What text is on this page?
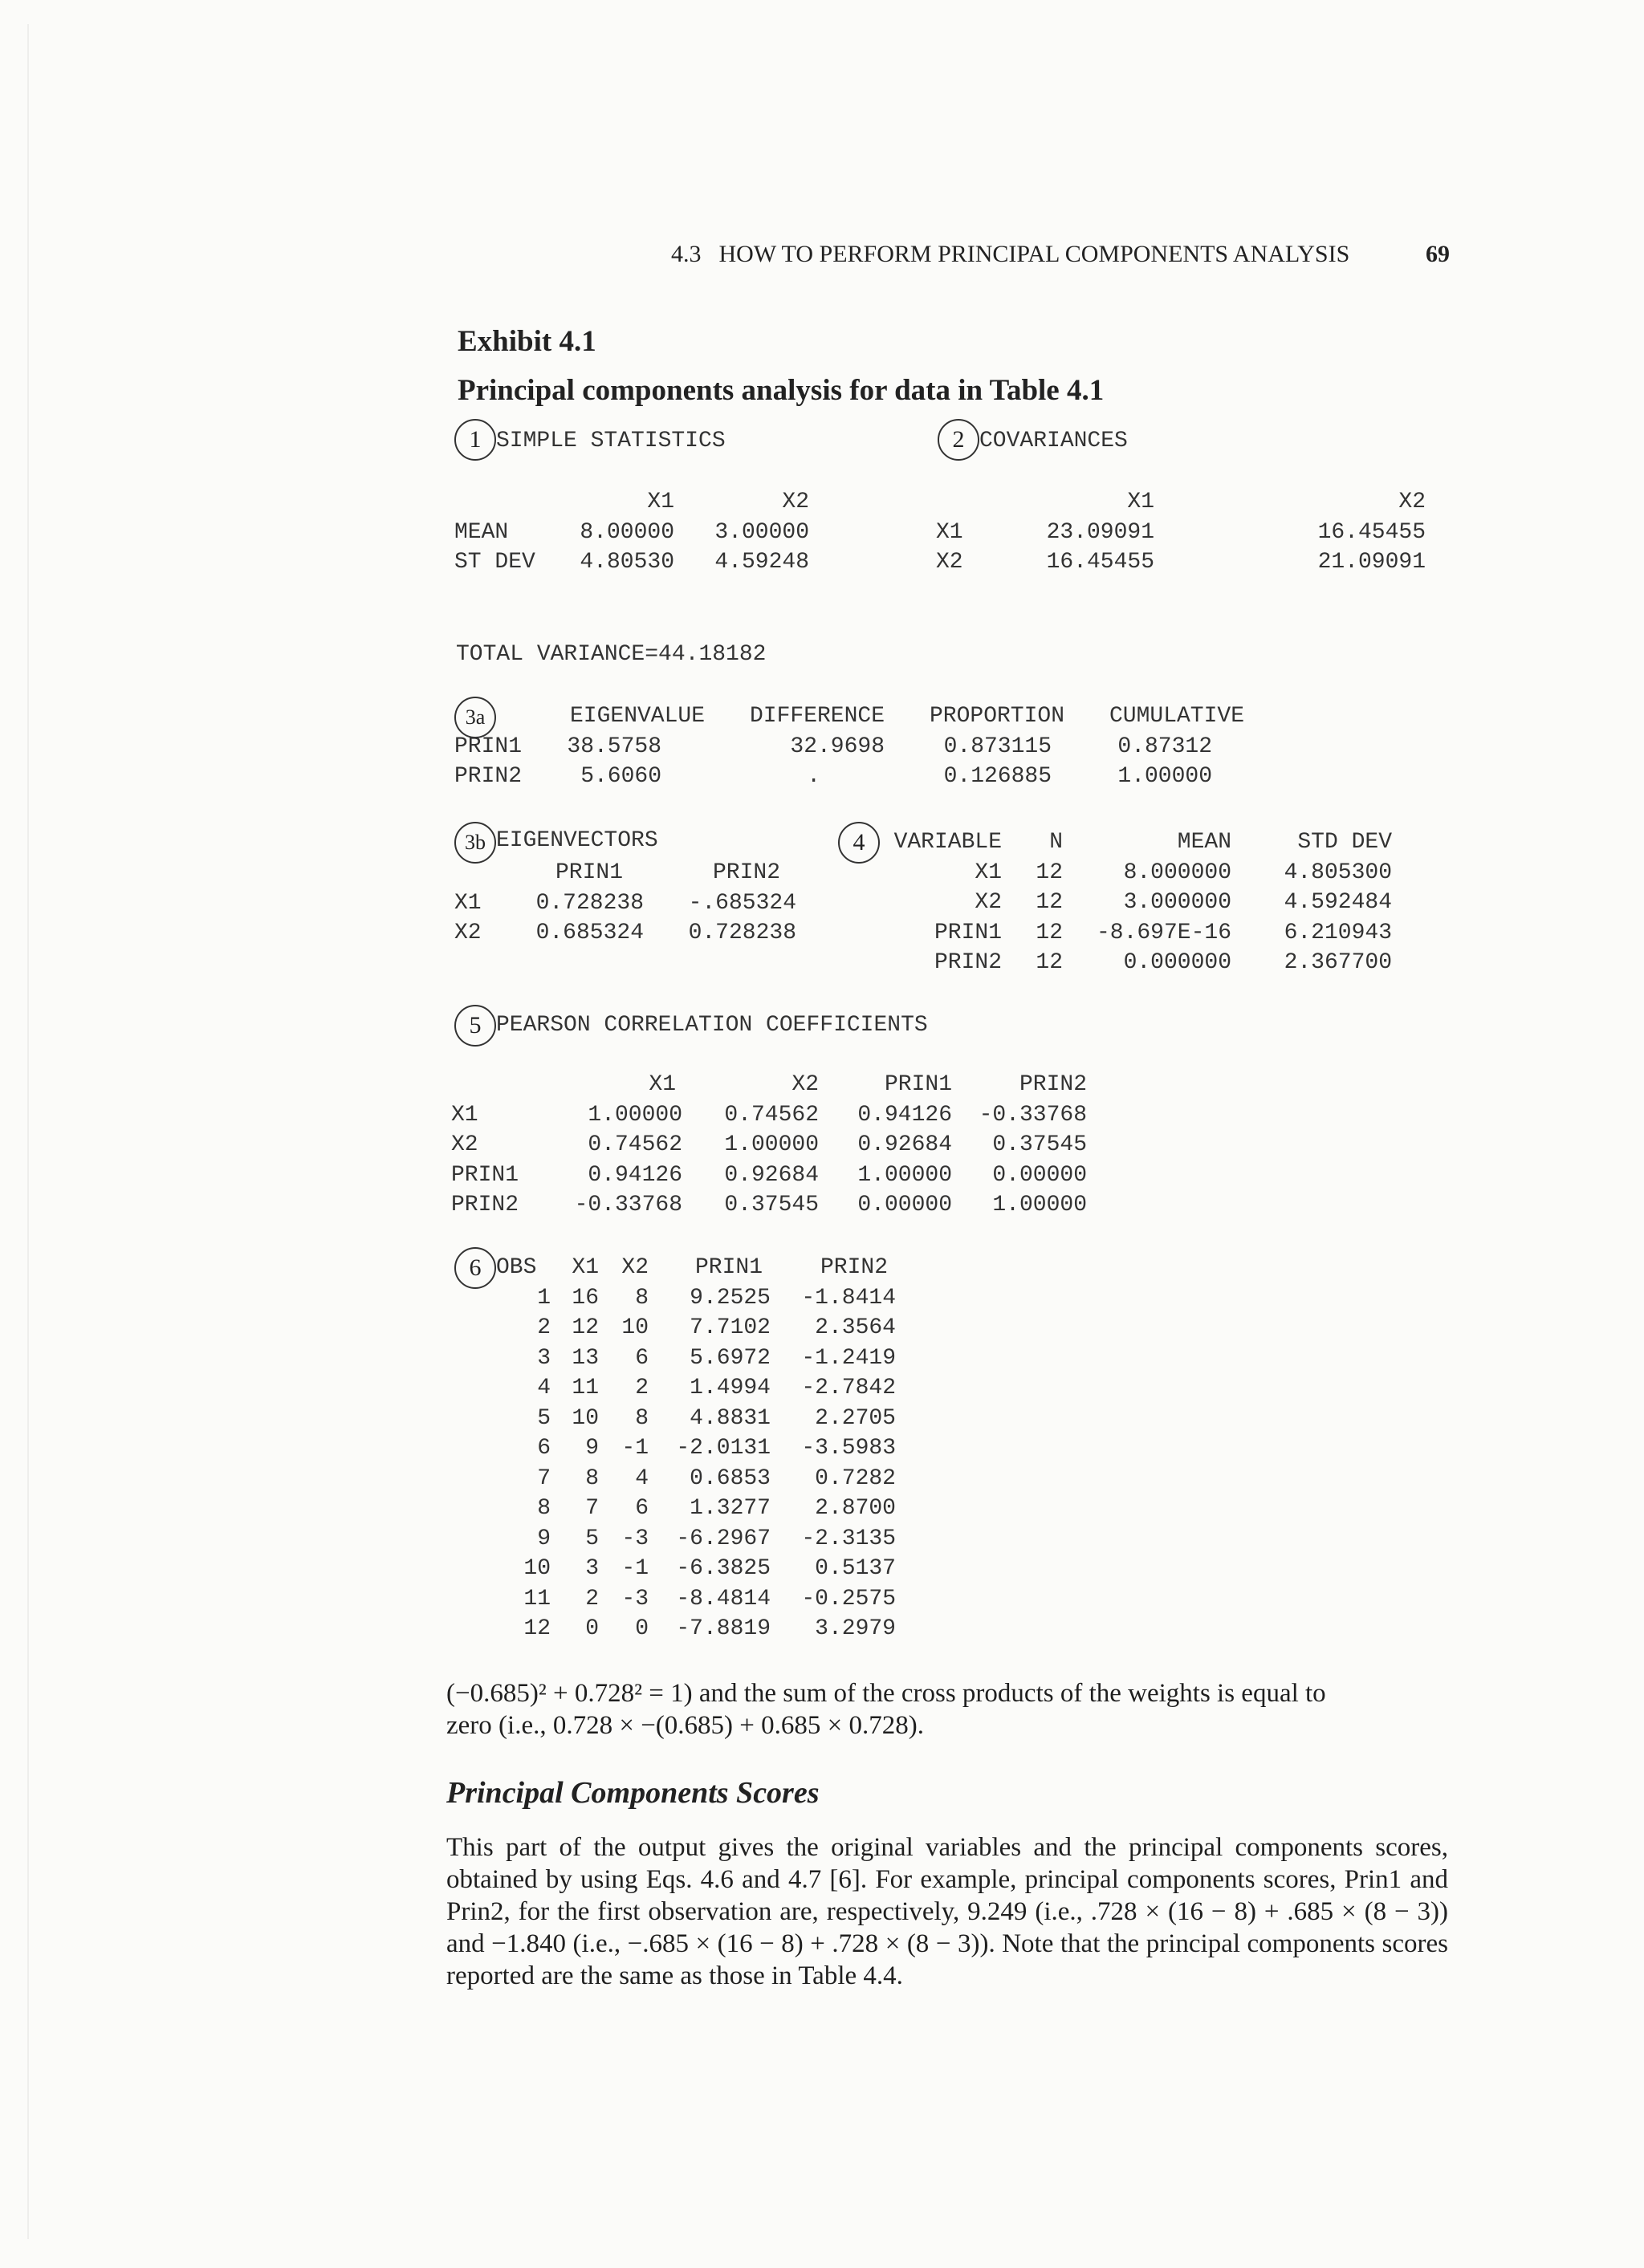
4.3 HOW TO PERFORM PRINCIPAL COMPONENTS ANALYSIS	69
Exhibit 4.1
Principal components analysis for data in Table 4.1
1 SIMPLE STATISTICS
	X1	X2
MEAN	8.00000	3.00000
ST DEV	4.80530	4.59248
2 COVARIANCES
	X1	X2
X1	23.09091	16.45455
X2	16.45455	21.09091
TOTAL VARIANCE=44.18182
3a
		EIGENVALUE	DIFFERENCE	PROPORTION	CUMULATIVE
PRIN1	38.5758	32.9698	0.873115	0.87312
PRIN2	5.6060	.	0.126885	1.00000
3b EIGENVECTORS
	PRIN1	PRIN2
X1	0.728238	-.685324
X2	0.685324	0.728238
4	VARIABLE	N	MEAN	STD DEV
X1	12	8.000000	4.805300
X2	12	3.000000	4.592484
PRIN1	12	-8.697E-16	6.210943
PRIN2	12	0.000000	2.367700
5 PEARSON CORRELATION COEFFICIENTS
	X1	X2	PRIN1	PRIN2
X1	1.00000	0.74562	0.94126	-0.33768
X2	0.74562	1.00000	0.92684	0.37545
PRIN1	0.94126	0.92684	1.00000	0.00000
PRIN2	-0.33768	0.37545	0.00000	1.00000
6 OBS	X1	X2	PRIN1	PRIN2
1	16	8	9.2525	-1.8414
2	12	10	7.7102	2.3564
3	13	6	5.6972	-1.2419
4	11	2	1.4994	-2.7842
5	10	8	4.8831	2.2705
6	9	-1	-2.0131	-3.5983
7	8	4	0.6853	0.7282
8	7	6	1.3277	2.8700
9	5	-3	-6.2967	-2.3135
10	3	-1	-6.3825	0.5137
11	2	-3	-8.4814	-0.2575
12	0	0	-7.8819	3.2979
(−0.685)² + 0.728² = 1) and the sum of the cross products of the weights is equal to
zero (i.e., 0.728 × −(0.685) + 0.685 × 0.728).
Principal Components Scores
This part of the output gives the original variables and the principal components scores, obtained by using Eqs. 4.6 and 4.7 [6]. For example, principal components scores, Prin1 and Prin2, for the first observation are, respectively, 9.249 (i.e., .728 × (16 − 8) + .685 × (8 − 3)) and −1.840 (i.e., −.685 × (16 − 8) + .728 × (8 − 3)). Note that the principal components scores reported are the same as those in Table 4.4.
